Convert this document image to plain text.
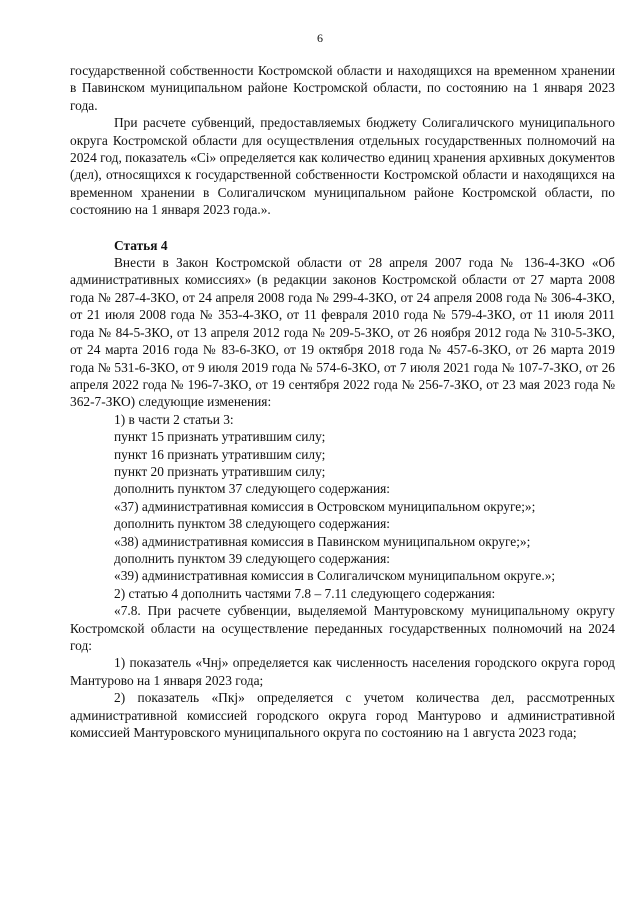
6

государственной собственности Костромской области и находящихся на временном хранении в Павинском муниципальном районе Костромской области, по состоянию на 1 января 2023 года.

При расчете субвенций, предоставляемых бюджету Солигаличского муниципального округа Костромской области для осуществления отдельных государственных полномочий на 2024 год, показатель «Сi» определяется как количество единиц хранения архивных документов (дел), относящихся к государственной собственности Костромской области и находящихся на временном хранении в Солигаличском муниципальном районе Костромской области, по состоянию на 1 января 2023 года.».

Статья 4

Внести в Закон Костромской области от 28 апреля 2007 года № 136-4-ЗКО «Об административных комиссиях» (в редакции законов Костромской области от 27 марта 2008 года № 287-4-ЗКО, от 24 апреля 2008 года № 299-4-ЗКО, от 24 апреля 2008 года № 306-4-ЗКО, от 21 июля 2008 года № 353-4-ЗКО, от 11 февраля 2010 года № 579-4-ЗКО, от 11 июля 2011 года № 84-5-ЗКО, от 13 апреля 2012 года № 209-5-ЗКО, от 26 ноября 2012 года № 310-5-ЗКО, от 24 марта 2016 года № 83-6-ЗКО, от 19 октября 2018 года № 457-6-ЗКО, от 26 марта 2019 года № 531-6-ЗКО, от 9 июля 2019 года № 574-6-ЗКО, от 7 июля 2021 года № 107-7-ЗКО, от 26 апреля 2022 года № 196-7-ЗКО, от 19 сентября 2022 года № 256-7-ЗКО, от 23 мая 2023 года № 362-7-ЗКО) следующие изменения:

1) в части 2 статьи 3:

пункт 15 признать утратившим силу;

пункт 16 признать утратившим силу;

пункт 20 признать утратившим силу;

дополнить пунктом 37 следующего содержания:

«37) административная комиссия в Островском муниципальном округе;»;

дополнить пунктом 38 следующего содержания:

«38) административная комиссия в Павинском муниципальном округе;»;

дополнить пунктом 39 следующего содержания:

«39) административная комиссия в Солигаличском муниципальном округе.»;

2) статью 4 дополнить частями 7.8 – 7.11 следующего содержания:

«7.8. При расчете субвенции, выделяемой Мантуровскому муниципальному округу Костромской области на осуществление переданных государственных полномочий на 2024 год:

1) показатель «Чнj» определяется как численность населения городского округа город Мантурово на 1 января 2023 года;

2) показатель «Пкj» определяется с учетом количества дел, рассмотренных административной комиссией городского округа город Мантурово и административной комиссией Мантуровского муниципального округа по состоянию на 1 августа 2023 года;
